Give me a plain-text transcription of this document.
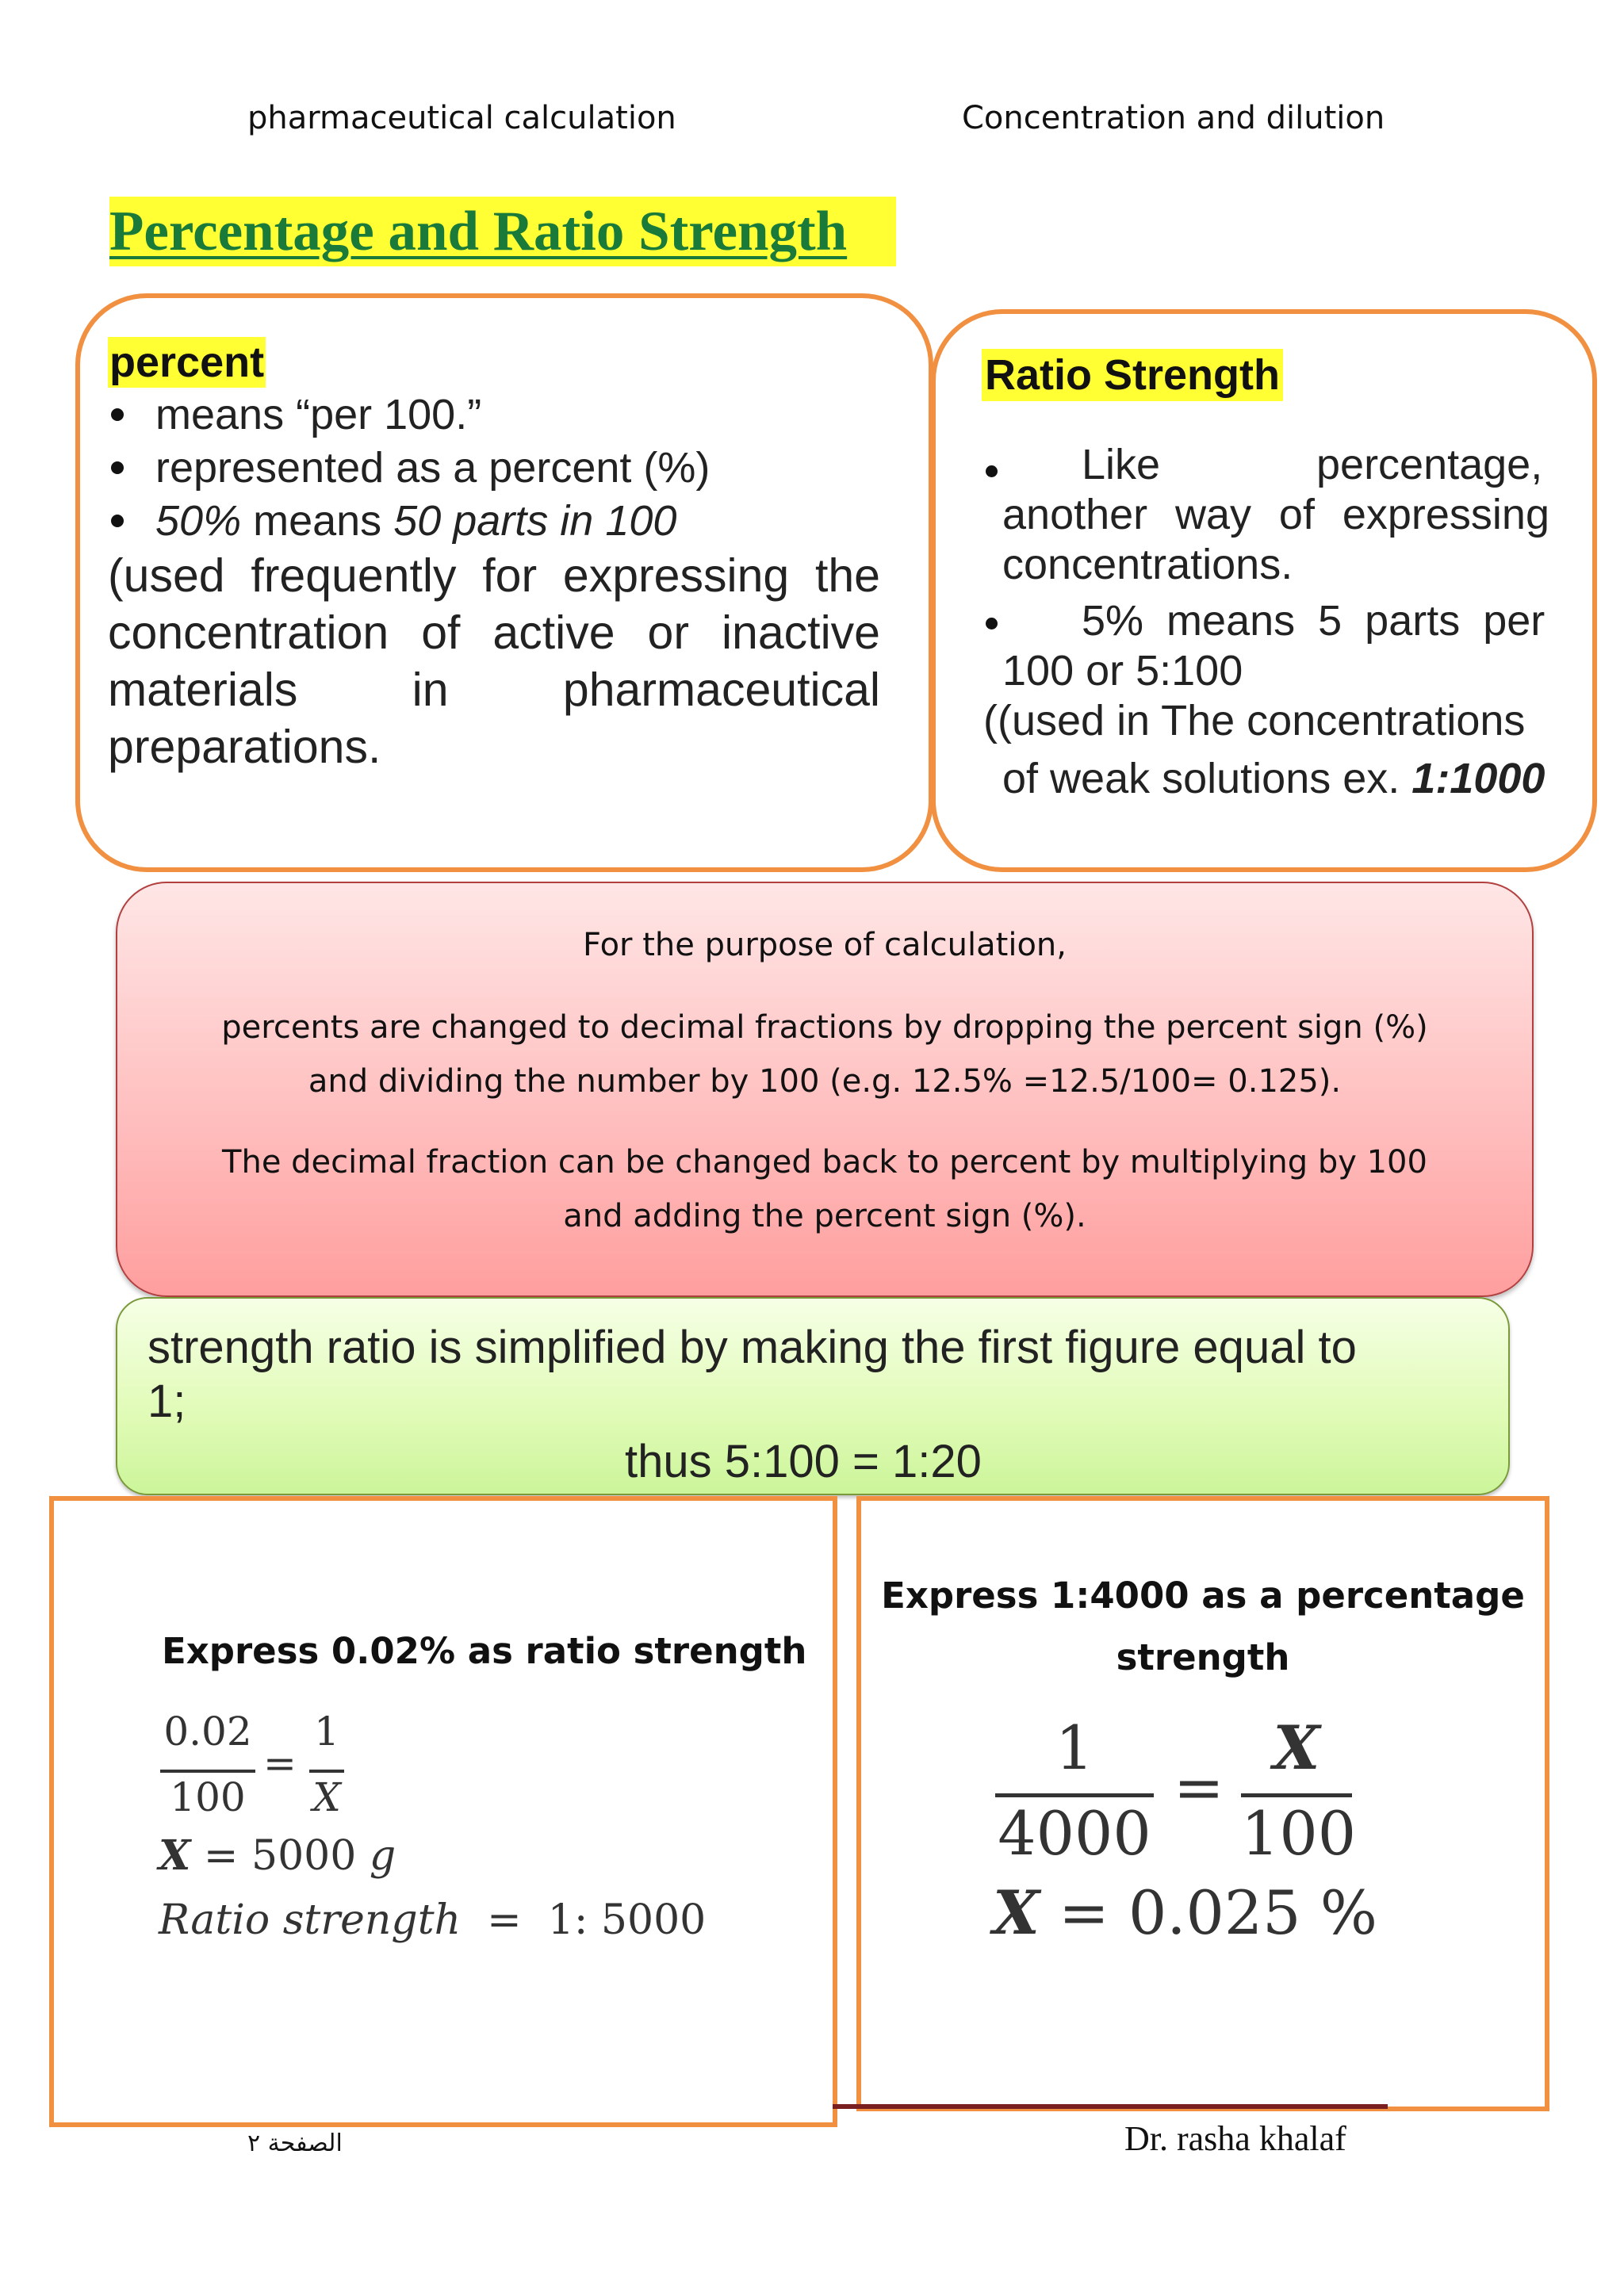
pharmaceutical calculation	Concentration and dilution
Percentage and Ratio Strength
percent
means “per 100.”
represented as a percent (%)
50% means 50 parts in 100
(used frequently for expressing the concentration of active or inactive materials in pharmaceutical preparations.
Ratio Strength
Like	percentage,
another way of expressing concentrations.
5% means 5 parts per
100 or 5:100
((used in The concentrations
of weak solutions ex. 1:1000

For the purpose of calculation,

percents are changed to decimal fractions by dropping the percent sign (%) and dividing the number by 100 (e.g. 12.5% =12.5/100= 0.125).

The decimal fraction can be changed back to percent by multiplying by 100 and adding the percent sign (%).

strength ratio is simplified by making the first figure equal to
1;
thus 5:100 = 1:20
Express 0.02% as ratio strength
0.02
100
=
1
X
X = 5000 g
Ratio strength  =  1: 5000
Express 1:4000 as a percentage
strength
1
4000
=
X
100
X = 0.025 %
الصفحة ٢	Dr. rasha khalaf
